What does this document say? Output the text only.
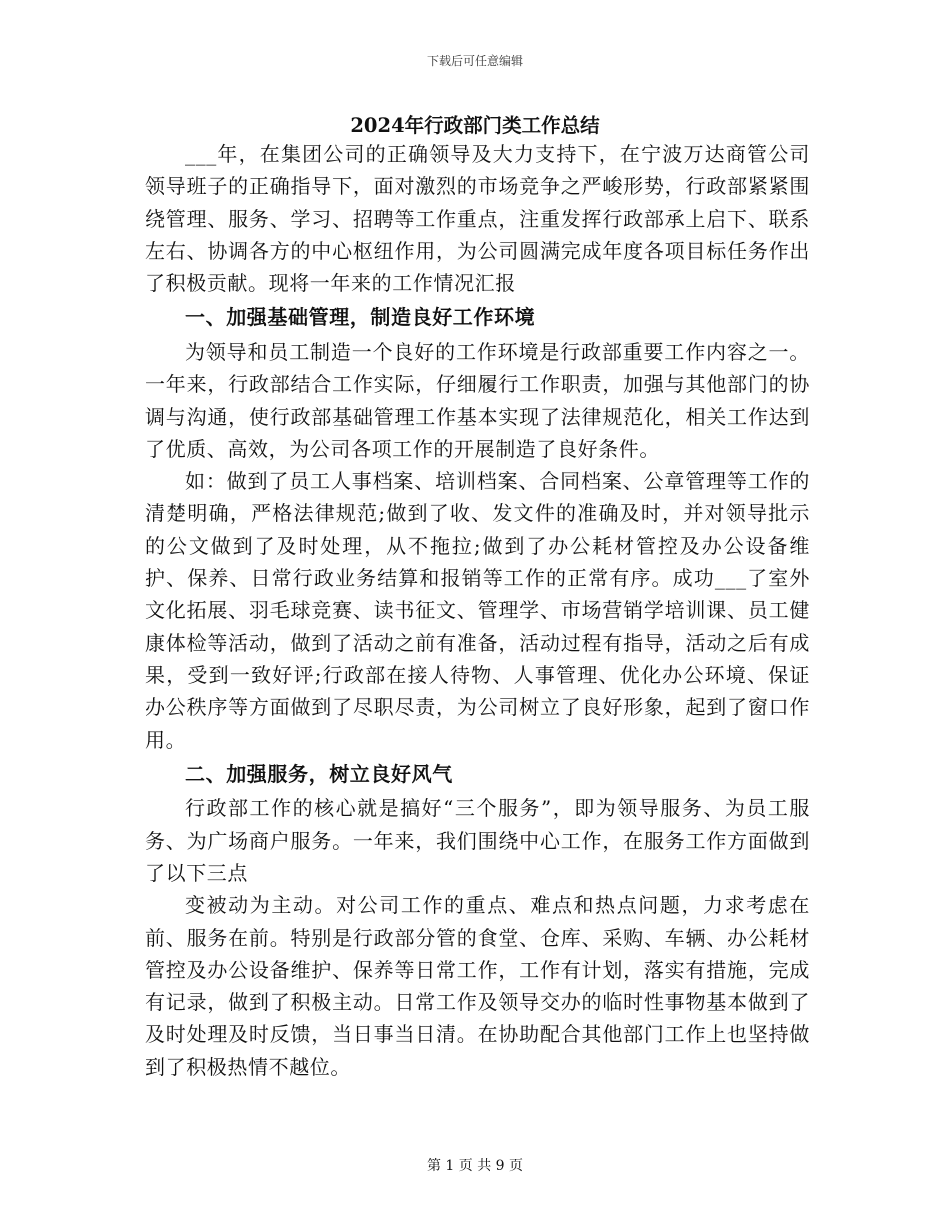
下载后可任意编辑
2024年行政部门类工作总结

___年，在集团公司的正确领导及大力支持下，在宁波万达商管公司领导班子的正确指导下，面对激烈的市场竞争之严峻形势，行政部紧紧围绕管理、服务、学习、招聘等工作重点，注重发挥行政部承上启下、联系左右、协调各方的中心枢纽作用，为公司圆满完成年度各项目标任务作出了积极贡献。现将一年来的工作情况汇报

一、加强基础管理，制造良好工作环境

为领导和员工制造一个良好的工作环境是行政部重要工作内容之一。一年来，行政部结合工作实际，仔细履行工作职责，加强与其他部门的协调与沟通，使行政部基础管理工作基本实现了法律规范化，相关工作达到了优质、高效，为公司各项工作的开展制造了良好条件。

如：做到了员工人事档案、培训档案、合同档案、公章管理等工作的清楚明确，严格法律规范;做到了收、发文件的准确及时，并对领导批示的公文做到了及时处理，从不拖拉;做到了办公耗材管控及办公设备维护、保养、日常行政业务结算和报销等工作的正常有序。成功___了室外文化拓展、羽毛球竞赛、读书征文、管理学、市场营销学培训课、员工健康体检等活动，做到了活动之前有准备，活动过程有指导，活动之后有成果，受到一致好评;行政部在接人待物、人事管理、优化办公环境、保证办公秩序等方面做到了尽职尽责，为公司树立了良好形象，起到了窗口作用。

二、加强服务，树立良好风气

行政部工作的核心就是搞好“三个服务”，即为领导服务、为员工服务、为广场商户服务。一年来，我们围绕中心工作，在服务工作方面做到了以下三点

变被动为主动。对公司工作的重点、难点和热点问题，力求考虑在前、服务在前。特别是行政部分管的食堂、仓库、采购、车辆、办公耗材管控及办公设备维护、保养等日常工作，工作有计划，落实有措施，完成有记录，做到了积极主动。日常工作及领导交办的临时性事物基本做到了及时处理及时反馈，当日事当日清。在协助配合其他部门工作上也坚持做到了积极热情不越位。

第 1 页 共 9 页
